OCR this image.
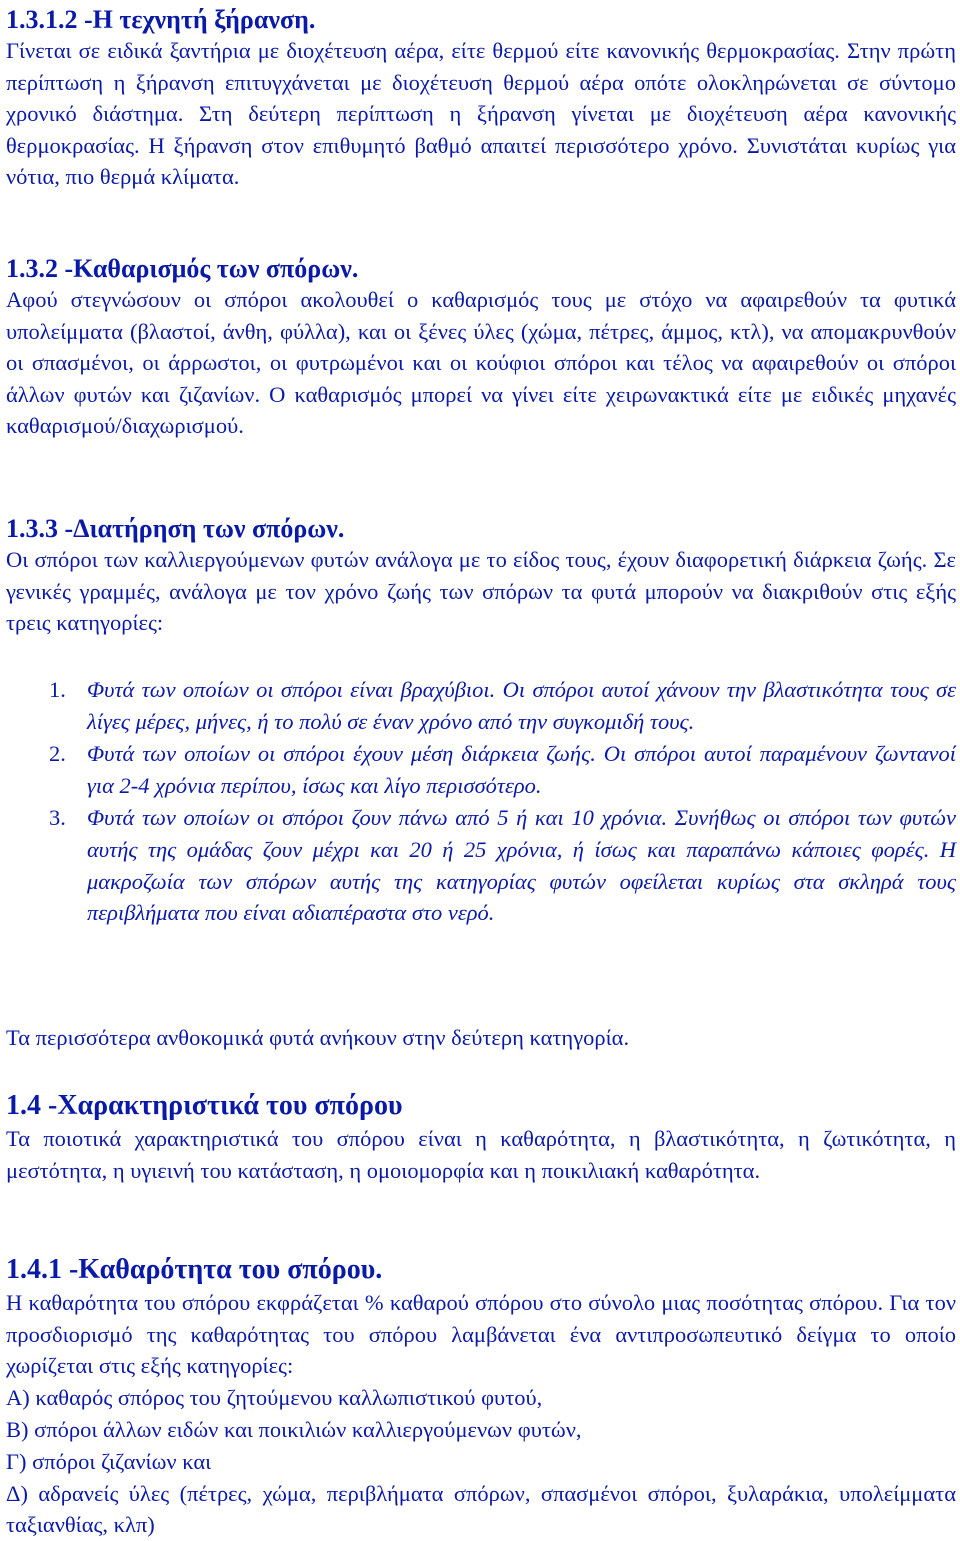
1.3.1.2 -Η τεχνητή ξήρανση.

Γίνεται σε ειδικά ξαντήρια με διοχέτευση αέρα, είτε θερμού είτε κανονικής θερμοκρασίας. Στην πρώτη περίπτωση η ξήρανση επιτυγχάνεται με διοχέτευση θερμού αέρα οπότε ολοκληρώνεται σε σύντομο χρονικό διάστημα. Στη δεύτερη περίπτωση η ξήρανση γίνεται με διοχέτευση αέρα κανονικής θερμοκρασίας. Η ξήρανση στον επιθυμητό βαθμό απαιτεί περισσότερο χρόνο. Συνιστάται κυρίως για νότια, πιο θερμά κλίματα.

1.3.2 -Καθαρισμός των σπόρων.

Αφού στεγνώσουν οι σπόροι ακολουθεί ο καθαρισμός τους με στόχο να αφαιρεθούν τα φυτικά υπολείμματα (βλαστοί, άνθη, φύλλα), και οι ξένες ύλες (χώμα, πέτρες, άμμος, κτλ), να απομακρυνθούν οι σπασμένοι, οι άρρωστοι, οι φυτρωμένοι και οι κούφιοι σπόροι και τέλος να αφαιρεθούν οι σπόροι άλλων φυτών και ζιζανίων. Ο καθαρισμός μπορεί να γίνει είτε χειρωνακτικά είτε με ειδικές μηχανές καθαρισμού/διαχωρισμού.

1.3.3 -Διατήρηση των σπόρων.

Οι σπόροι των καλλιεργούμενων φυτών ανάλογα με το είδος τους, έχουν διαφορετική διάρκεια ζωής. Σε γενικές γραμμές, ανάλογα με τον χρόνο ζωής των σπόρων τα φυτά μπορούν να διακριθούν στις εξής τρεις κατηγορίες:

1. Φυτά των οποίων οι σπόροι είναι βραχύβιοι. Οι σπόροι αυτοί χάνουν την βλαστικότητα τους σε λίγες μέρες, μήνες, ή το πολύ σε έναν χρόνο από την συγκομιδή τους.
2. Φυτά των οποίων οι σπόροι έχουν μέση διάρκεια ζωής. Οι σπόροι αυτοί παραμένουν ζωντανοί για 2-4 χρόνια περίπου, ίσως και λίγο περισσότερο.
3. Φυτά των οποίων οι σπόροι ζουν πάνω από 5 ή και 10 χρόνια. Συνήθως οι σπόροι των φυτών αυτής της ομάδας ζουν μέχρι και 20 ή 25 χρόνια, ή ίσως και παραπάνω κάποιες φορές. Η μακροζωία των σπόρων αυτής της κατηγορίας φυτών οφείλεται κυρίως στα σκληρά τους περιβλήματα που είναι αδιαπέραστα στο νερό.

Τα περισσότερα ανθοκομικά φυτά ανήκουν στην δεύτερη κατηγορία.

1.4 -Χαρακτηριστικά του σπόρου

Τα ποιοτικά χαρακτηριστικά του σπόρου είναι η καθαρότητα, η βλαστικότητα, η ζωτικότητα, η μεστότητα, η υγιεινή του κατάσταση, η ομοιομορφία και η ποικιλιακή καθαρότητα.

1.4.1 -Καθαρότητα του σπόρου.

Η καθαρότητα του σπόρου εκφράζεται % καθαρού σπόρου στο σύνολο μιας ποσότητας σπόρου. Για τον προσδιορισμό της καθαρότητας του σπόρου λαμβάνεται ένα αντιπροσωπευτικό δείγμα το οποίο χωρίζεται στις εξής κατηγορίες:

Α) καθαρός σπόρος του ζητούμενου καλλωπιστικού φυτού,
Β) σπόροι άλλων ειδών και ποικιλιών καλλιεργούμενων φυτών,
Γ) σπόροι ζιζανίων και

Δ) αδρανείς ύλες (πέτρες, χώμα, περιβλήματα σπόρων, σπασμένοι σπόροι, ξυλαράκια, υπολείμματα ταξιανθίας, κλπ)
